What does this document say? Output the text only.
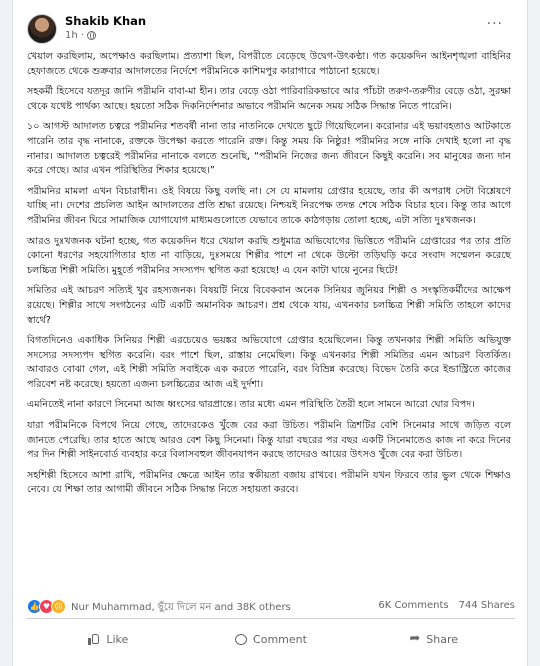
Shakib Khan
1h ·
···

খেয়াল করছিলাম, অপেক্ষাও করছিলাম। প্রত্যাশা ছিল, বিপরীতে বেড়েছে উদ্বেগ-উৎকণ্ঠা। গত কয়েকদিন আইনশৃঙ্খলা বাহিনির হেফাজতে থেকে শুক্রবার আদালতের নির্দেশে পরীমনিকে কাশিমপুর কারাগারে পাঠানো হয়েছে।

সহকর্মী হিসেবে যতদূর জানি পরীমনি বাবা-মা হীন। তার বেড়ে ওঠা পারিবারিকভাবে আর পাঁচটা তরুণ-তরুণীর বেড়ে ওঠা, সুরক্ষা থেকে যথেষ্ট পার্থক্য আছে। হয়তো সঠিক দিকনির্দেশনার অভাবে পরীমনি অনেক সময় সঠিক সিদ্ধান্ত নিতে পারেনি।

১০ আগস্ট আদালত চত্বরে পরীমনির শতবর্ষী নানা তার নাতনিকে দেখতে ছুটে গিয়েছিলেন। করোনার এই ভয়াবহতাও আটকাতে পারেনি তার বৃদ্ধ নানাকে, রক্তকে উপেক্ষা করতে পারেনি রক্ত। কিন্তু সময় কি নিষ্ঠুর! পরীমনির সঙ্গে নাকি দেখাই হলো না বৃদ্ধ নানার। আদালত চত্বরেই পরীমনির নানাকে বলতে শুনেছি, “পরীমনি নিজের জন্য জীবনে কিছুই করেনি। সব মানুষের জন্য দান করে গেছে। আর এখন পরিস্থিতির শিকার হয়েছে।”

পরীমনির মামলা এখন বিচারাধীন। ওই বিষয়ে কিছু বলছি না। সে যে মামলায় গ্রেপ্তার হয়েছে, তার কী অপরাধ সেটা বিশ্লেষণে যাচ্ছি না। দেশের প্রচলিত আইন আদালতের প্রতি শ্রদ্ধা রয়েছে। নিশ্চয়ই নিরপেক্ষ তদন্ত শেষে সঠিক বিচার হবে। কিন্তু তার আগে পরীমনির জীবন ঘিরে সামাজিক যোগাযোগ মাধ্যমগুলোতে যেভাবে তাকে কাঠগড়ায় তোলা হচ্ছে, এটা সত্যি দুঃখজনক।

আরও দুঃখজনক ঘটনা হচ্ছে, গত কয়েকদিন ধরে খেয়াল করছি শুধুমাত্র অভিযোগের ভিত্তিতে পরীমনি গ্রেপ্তারের পর তার প্রতি কোনো ধরণের সহযোগিতার হাত না বাড়িয়ে, দুঃসময়ে শিল্পীর পাশে না থেকে উল্টো তড়িঘড়ি করে সংবাদ সম্মেলন করেছে চলচ্চিত্র শিল্পী সমিতি। মুহূর্তে পরীমনির সদস্যপদ স্থগিত করা হয়েছে! এ যেন কাটা ঘায়ে নুনের ছিটে!

সমিতির এই আচরণ সত্যিই খুব রহস্যজনক। বিষয়টি নিয়ে বিবেকবান অনেক সিনিয়র জুনিয়র শিল্পী ও সংস্কৃতিকর্মীদের আক্ষেপ রয়েছে। শিল্পীর সাথে সংগঠনের এটি একটি অমানবিক আচরণ। প্রশ্ন থেকে যায়, এখনকার চলচ্চিত্র শিল্পী সমিতি তাহলে কাদের স্বার্থে?

বিগতদিনেও একাধিক সিনিয়র শিল্পী এরচেয়েও ভয়ঙ্কর অভিযোগে গ্রেপ্তার হয়েছিলেন। কিন্তু তখনকার শিল্পী সমিতি অভিযুক্ত সদস্যের সদস্যপদ স্থগিত করেনি। বরং পাশে ছিল, রাস্তায় নেমেছিল। কিন্তু এখনকার শিল্পী সমিতির এমন আচরণ বিতর্কিত। আবারও বোঝা গেল, এই শিল্পী সমিতি সবাইকে এক করতে পারেনি, বরং বিভ্রিন্ন করেছে। বিভেদ তৈরি করে ইন্ডাস্ট্রিতে কাজের পরিবেশ নষ্ট করেছে। হয়তো এজন্য চলচ্চিত্রের আজ এই দুর্দশা।

এমনিতেই নানা কারণে সিনেমা আজ ধ্বংসের দ্বারপ্রান্তে। তার মধ্যে এমন পরিস্থিতি তৈরী হলে সামনে আরো ঘোর বিপদ।

যারা পরীমনিকে বিপথে নিয়ে গেছে, তাদেরকেও খুঁজে বের করা উচিত। পরীমনি ত্রিশটির বেশি সিনেমার সাথে জড়িত বলে জানতে পেরেছি। তার হাতে আছে আরও বেশ কিছু সিনেমা। কিন্তু যারা বছরের পর বছর একটি সিনেমাতেও কাজ না করে দিনের পর দিন শিল্পী সাইনবোর্ড ব্যবহার করে বিলাসবহুল জীবনযাপন করছে তাদেরও আয়ের উৎসও খুঁজে বের করা উচিত।

সহশিল্পী হিসেবে আশা রাখি, পরীমনির ক্ষেত্রে আইন তার স্বকীয়তা বজায় রাখবে। পরীমনি যখন ফিরবে তার ভুল থেকে শিক্ষাও নেবে। যে শিক্ষা তার আগামী জীবনে সঠিক সিদ্ধান্ত নিতে সহায়তা করবে।

👍 ♥ ☹ Nur Muhammad, ছুঁয়ে দিলে মন and 38K others	6K Comments 744 Shares
Like	Comment	➦ Share
